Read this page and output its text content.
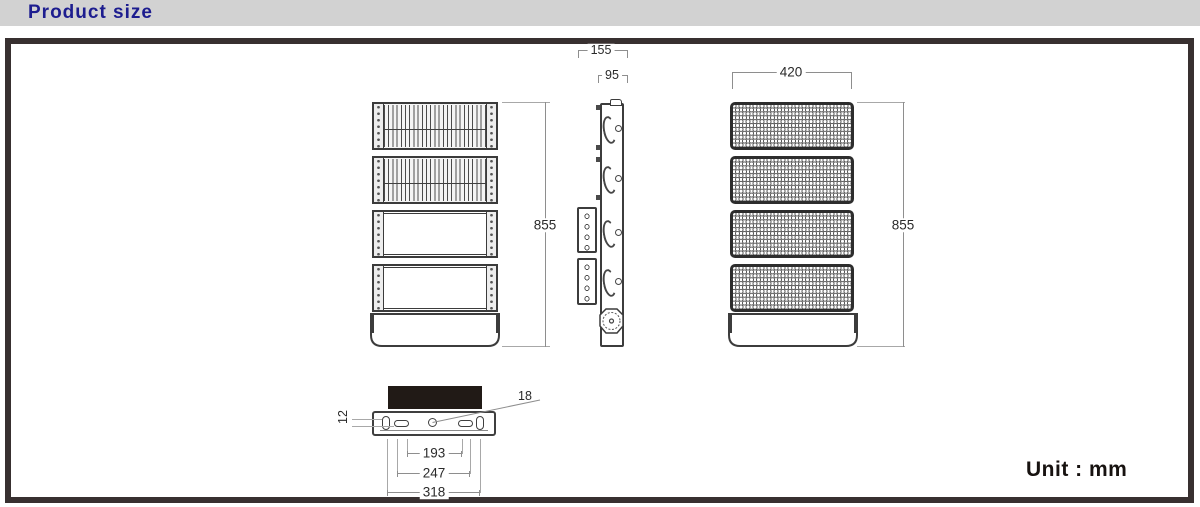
Product size
855
155
95	420
855
12
18
193
247
318
Unit : mm
